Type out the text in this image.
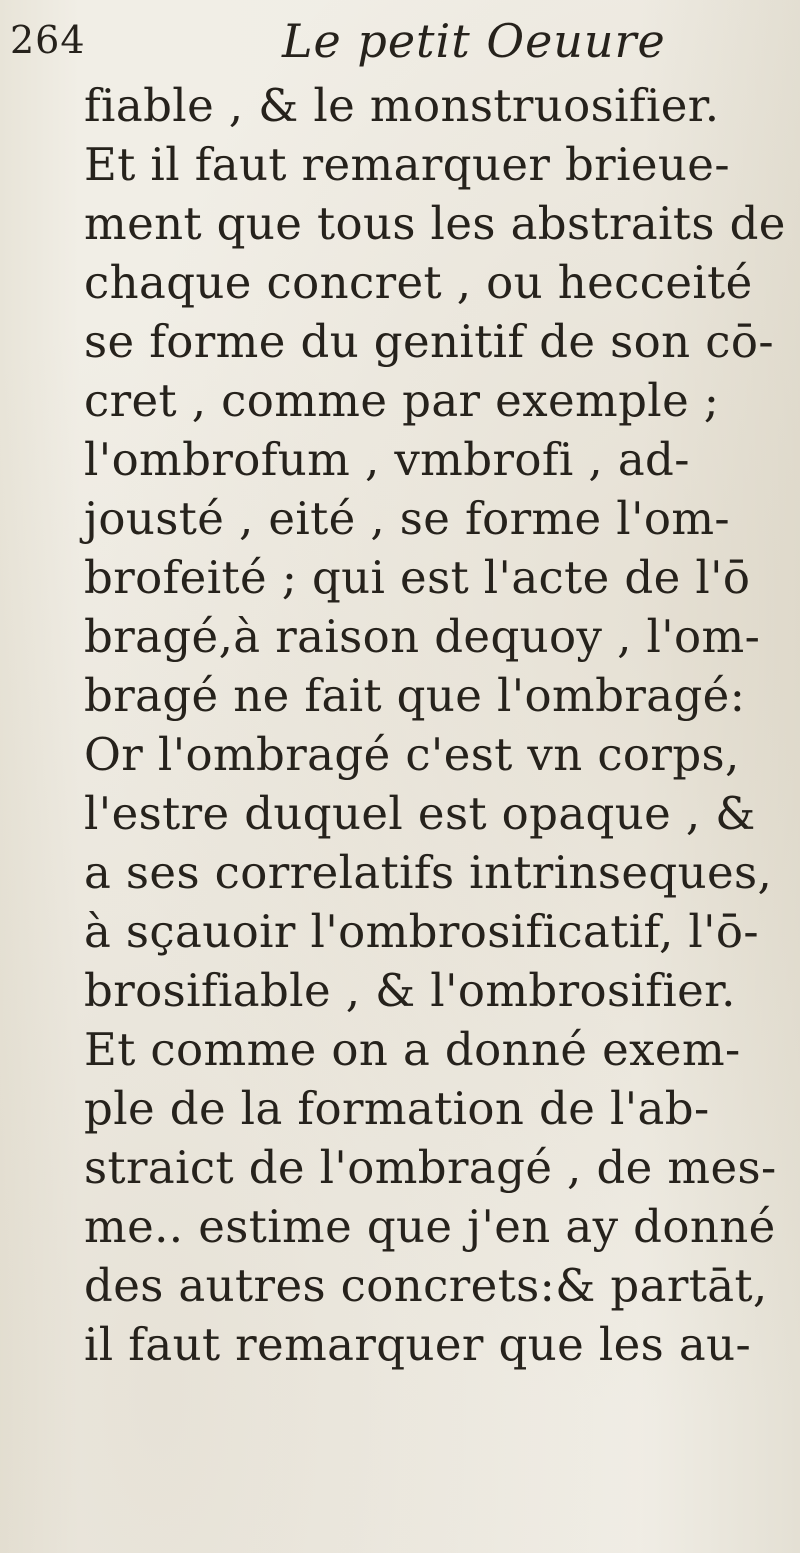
264	Le petit Oeuure
fiable , & le monstruosifier.
Et il faut remarquer brieue-
ment que tous les abstraits de
chaque concret , ou heccеité
se forme du genitif de son cō-
cret , comme par exemple ;
l'ombrofum , vmbrofi , ad-
jousté , eité , se forme l'om-
brofeité ; qui est l'acte de l'ō
bragé,à raison dequoy , l'om-
bragé ne fait que l'ombragé:
Or l'ombragé c'est vn corps,
l'estre duquel est opaque , &
a ses correlatifs intrinseques,
à sçauoir l'ombrosificatif, l'ō-
brosifiable , & l'ombrosifier.
Et comme on a donné exem-
ple de la formation de l'ab-
straict de l'ombragé , de mes-
me.. estime que j'en ay donné
des autres concrets:& partāt,
il faut remarquer que les au-
